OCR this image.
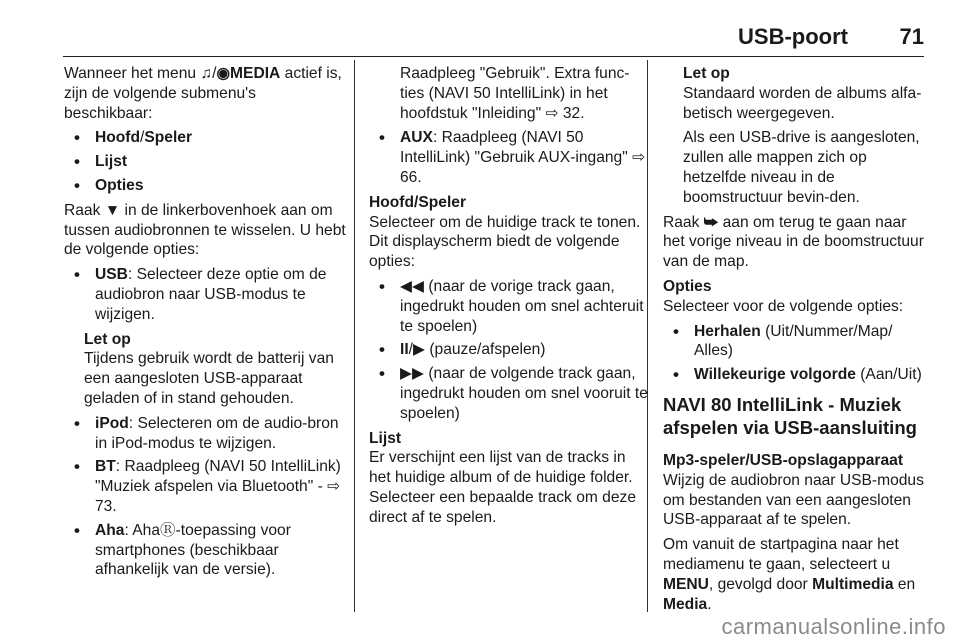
USB-poort 71

Wanneer het menu ♫/◉MEDIA actief is, zijn de volgende submenu's beschikbaar:

• Hoofd/Speler
• Lijst
• Opties

Raak ▼ in de linkerbovenhoek aan om tussen audiobronnen te wisselen. U hebt de volgende opties:

• USB: Selecteer deze optie om de audiobron naar USB-modus te wijzigen.
Let op

Tijdens gebruik wordt de batterij van een aangesloten USB-apparaat geladen of in stand gehouden.

• iPod: Selecteren om de audio-bron in iPod-modus te wijzigen.
• BT: Raadpleeg (NAVI 50 IntelliLink) "Muziek afspelen via Bluetooth" - ⇨ 73.
• Aha: AhaⓇ-toepassing voor smartphones (beschikbaar afhankelijk van de versie).

Raadpleeg "Gebruik". Extra func-ties (NAVI 50 IntelliLink) in het hoofdstuk "Inleiding" ⇨ 32.

• AUX: Raadpleeg (NAVI 50 IntelliLink) "Gebruik AUX-ingang" ⇨ 66.
Hoofd/Speler

Selecteer om de huidige track te tonen. Dit displayscherm biedt de volgende opties:

• ◀◀ (naar de vorige track gaan, ingedrukt houden om snel achteruit te spoelen)
• II/▶ (pauze/afspelen)
• ▶▶ (naar de volgende track gaan, ingedrukt houden om snel vooruit te spoelen)
Lijst

Er verschijnt een lijst van de tracks in het huidige album of de huidige folder. Selecteer een bepaalde track om deze direct af te spelen.

Let op

Standaard worden de albums alfa-betisch weergegeven.

Als een USB-drive is aangesloten, zullen alle mappen zich op hetzelfde niveau in de boomstructuur bevin-den.

Raak ⮩ aan om terug te gaan naar het vorige niveau in de boomstructuur van de map.

Opties

Selecteer voor de volgende opties:

• Herhalen (Uit/Nummer/Map/ Alles)
• Willekeurige volgorde (Aan/Uit)
NAVI 80 IntelliLink - Muziek afspelen via USB-aansluiting
Mp3-speler/USB-opslagapparaat

Wijzig de audiobron naar USB-modus om bestanden van een aangesloten USB-apparaat af te spelen.

Om vanuit de startpagina naar het mediamenu te gaan, selecteert u MENU, gevolgd door Multimedia en Media.

carmanualsonline.info
